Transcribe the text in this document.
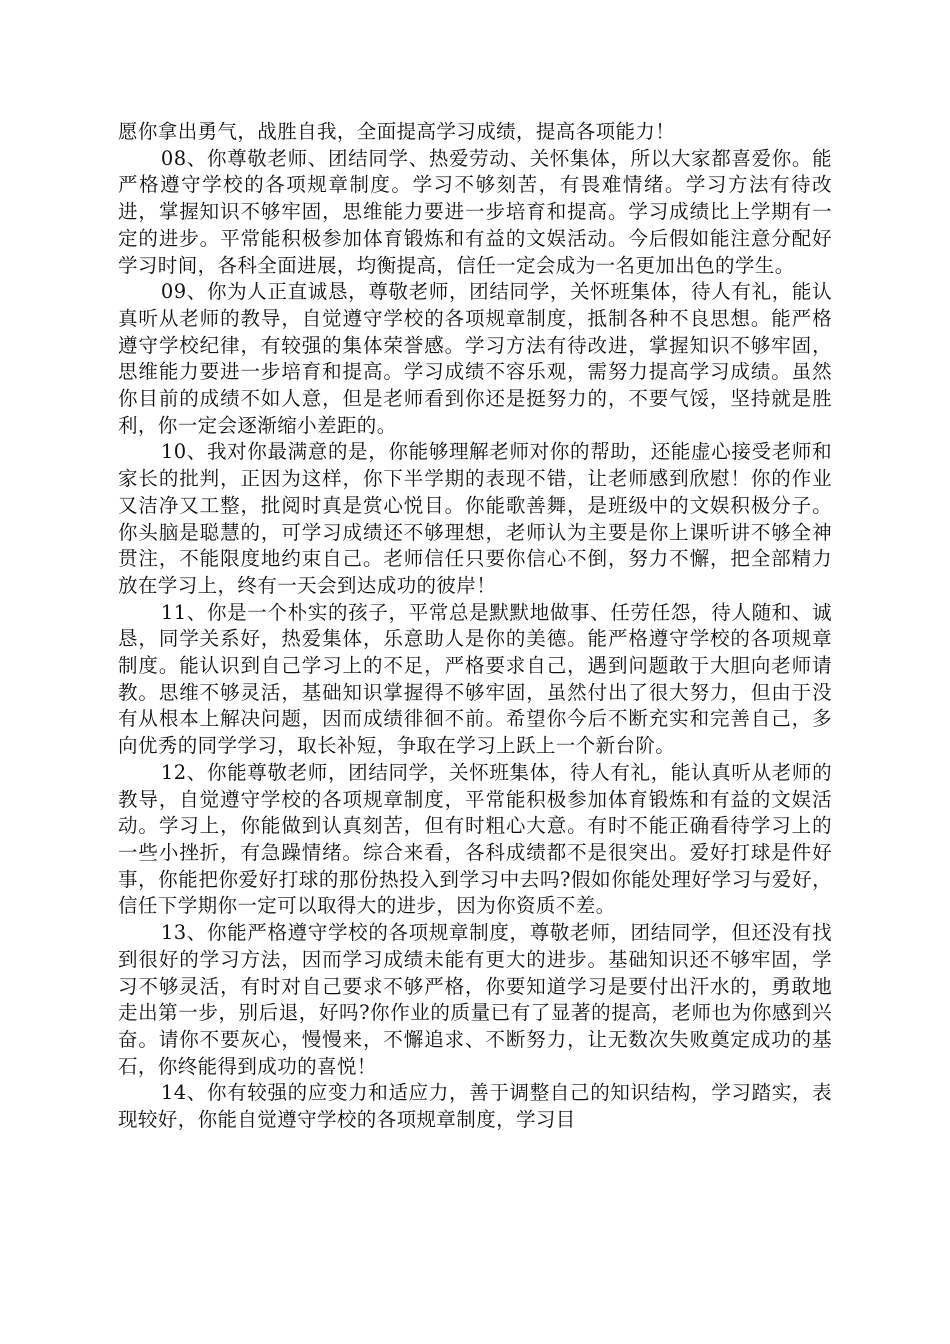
愿你拿出勇气，战胜自我，全面提高学习成绩，提高各项能力！

08、你尊敬老师、团结同学、热爱劳动、关怀集体，所以大家都喜爱你。能严格遵守学校的各项规章制度。学习不够刻苦，有畏难情绪。学习方法有待改进，掌握知识不够牢固，思维能力要进一步培育和提高。学习成绩比上学期有一定的进步。平常能积极参加体育锻炼和有益的文娱活动。今后假如能注意分配好学习时间，各科全面进展，均衡提高，信任一定会成为一名更加出色的学生。

09、你为人正直诚恳，尊敬老师，团结同学，关怀班集体，待人有礼，能认真听从老师的教导，自觉遵守学校的各项规章制度，抵制各种不良思想。能严格遵守学校纪律，有较强的集体荣誉感。学习方法有待改进，掌握知识不够牢固，思维能力要进一步培育和提高。学习成绩不容乐观，需努力提高学习成绩。虽然你目前的成绩不如人意，但是老师看到你还是挺努力的，不要气馁，坚持就是胜利，你一定会逐渐缩小差距的。

10、我对你最满意的是，你能够理解老师对你的帮助，还能虚心接受老师和家长的批判，正因为这样，你下半学期的表现不错，让老师感到欣慰！你的作业又洁净又工整，批阅时真是赏心悦目。你能歌善舞，是班级中的文娱积极分子。你头脑是聪慧的，可学习成绩还不够理想，老师认为主要是你上课听讲不够全神贯注，不能限度地约束自己。老师信任只要你信心不倒，努力不懈，把全部精力放在学习上，终有一天会到达成功的彼岸！

11、你是一个朴实的孩子，平常总是默默地做事、任劳任怨，待人随和、诚恳，同学关系好，热爱集体，乐意助人是你的美德。能严格遵守学校的各项规章制度。能认识到自己学习上的不足，严格要求自己，遇到问题敢于大胆向老师请教。思维不够灵活，基础知识掌握得不够牢固，虽然付出了很大努力，但由于没有从根本上解决问题，因而成绩徘徊不前。希望你今后不断充实和完善自己，多向优秀的同学学习，取长补短，争取在学习上跃上一个新台阶。

12、你能尊敬老师，团结同学，关怀班集体，待人有礼，能认真听从老师的教导，自觉遵守学校的各项规章制度，平常能积极参加体育锻炼和有益的文娱活动。学习上，你能做到认真刻苦，但有时粗心大意。有时不能正确看待学习上的一些小挫折，有急躁情绪。综合来看，各科成绩都不是很突出。爱好打球是件好事，你能把你爱好打球的那份热投入到学习中去吗?假如你能处理好学习与爱好，信任下学期你一定可以取得大的进步，因为你资质不差。

13、你能严格遵守学校的各项规章制度，尊敬老师，团结同学，但还没有找到很好的学习方法，因而学习成绩未能有更大的进步。基础知识还不够牢固，学习不够灵活，有时对自己要求不够严格，你要知道学习是要付出汗水的，勇敢地走出第一步，别后退，好吗?你作业的质量已有了显著的提高，老师也为你感到兴奋。请你不要灰心，慢慢来，不懈追求、不断努力，让无数次失败奠定成功的基石，你终能得到成功的喜悦！

14、你有较强的应变力和适应力，善于调整自己的知识结构，学习踏实，表现较好，你能自觉遵守学校的各项规章制度，学习目
